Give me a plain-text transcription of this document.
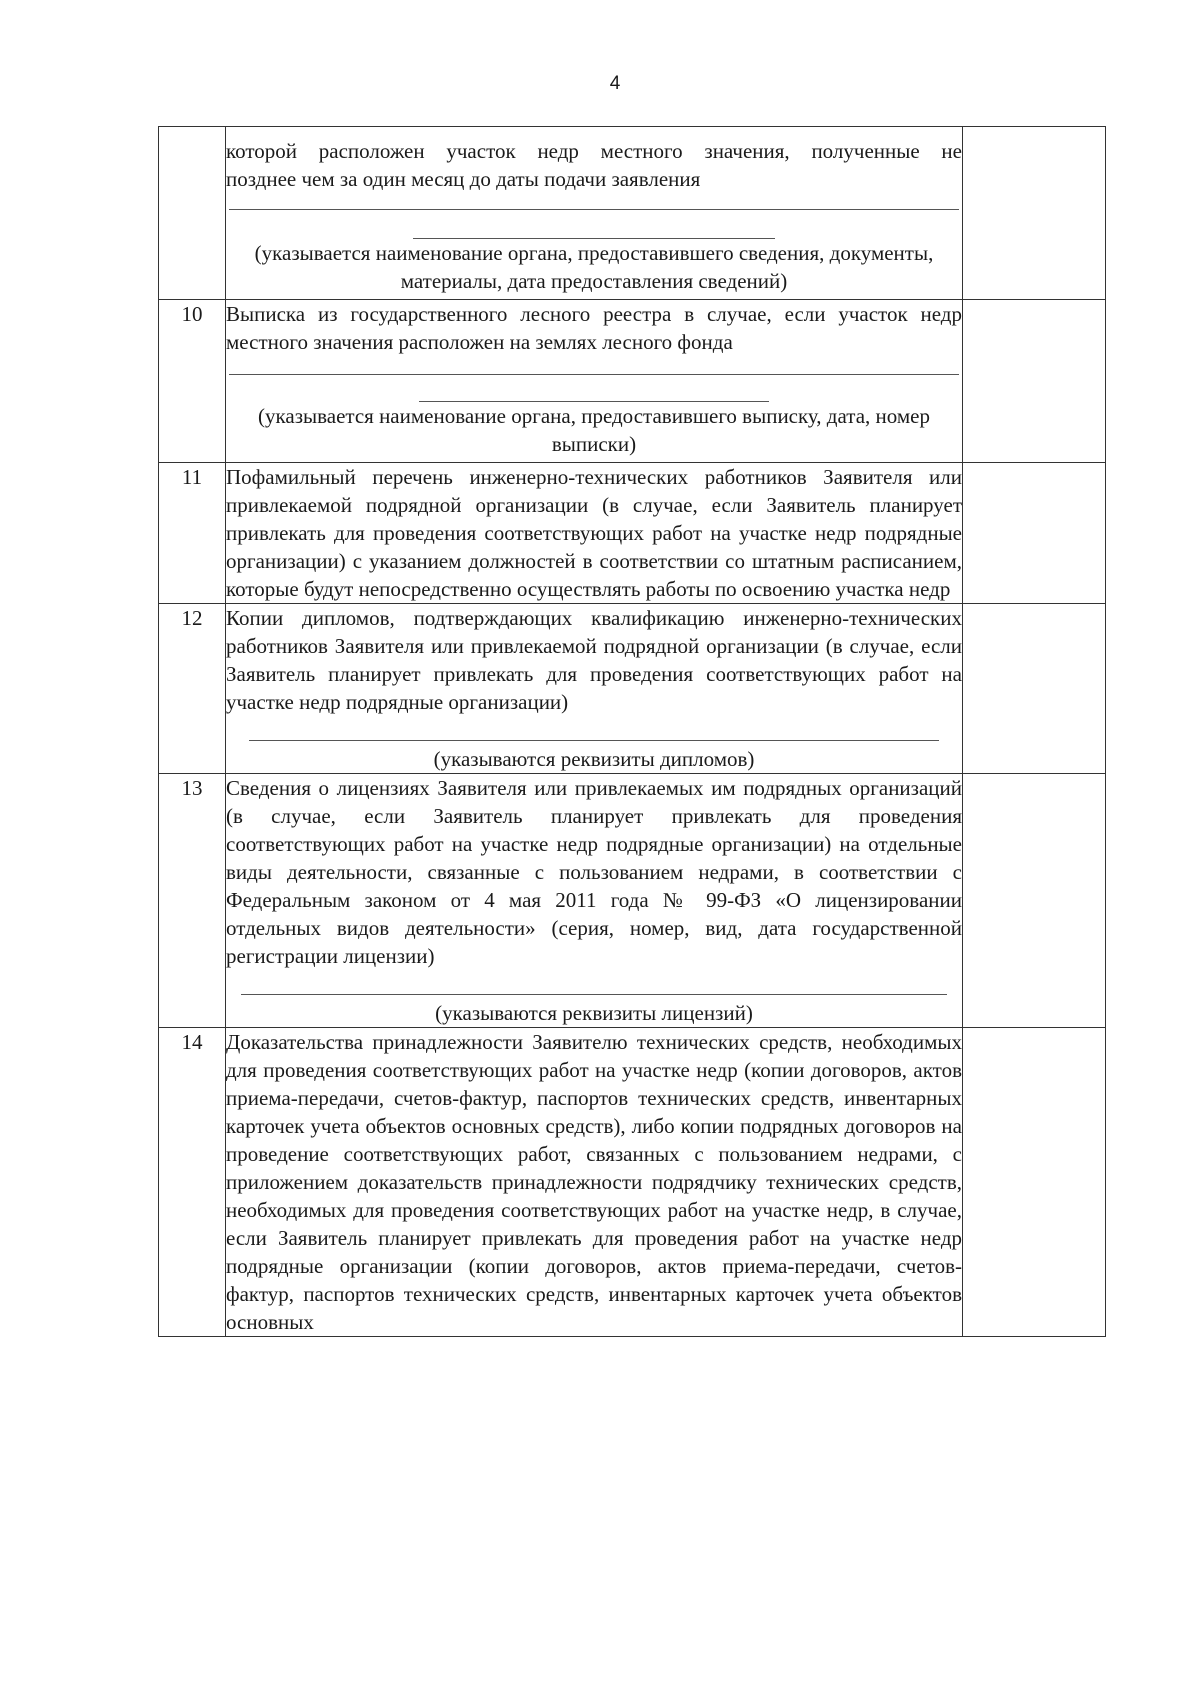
4

	которой расположен участок недр местного значения, полученные не
позднее чем за один месяц до даты подачи заявления
(указывается наименование органа, предоставившего сведения, документы, материалы, дата предоставления сведений)	

10	Выписка из государственного лесного реестра в случае, если участок недр местного значения расположен на землях лесного фонда
(указывается наименование органа, предоставившего выписку, дата, номер выписки)	

11	Пофамильный перечень инженерно-технических работников Заявителя или привлекаемой подрядной организации (в случае, если Заявитель планирует привлекать для проведения соответствующих работ на участке недр подрядные организации) с указанием должностей в соответствии со штатным расписанием, которые будут непосредственно осуществлять работы по освоению участка недр	

12	Копии дипломов, подтверждающих квалификацию инженерно-технических работников Заявителя или привлекаемой подрядной организации (в случае, если Заявитель планирует привлекать для проведения соответствующих работ на участке недр подрядные организации)
(указываются реквизиты дипломов)	

13	Сведения о лицензиях Заявителя или привлекаемых им подрядных организаций (в случае, если Заявитель планирует привлекать для проведения соответствующих работ на участке недр подрядные организации) на отдельные виды деятельности, связанные с пользованием недрами, в соответствии с Федеральным законом от 4 мая 2011 года № 99-ФЗ «О лицензировании отдельных видов деятельности» (серия, номер, вид, дата государственной регистрации лицензии)
(указываются реквизиты лицензий)	

14	Доказательства принадлежности Заявителю технических средств, необходимых для проведения соответствующих работ на участке недр (копии договоров, актов приема-передачи, счетов-фактур, паспортов технических средств, инвентарных карточек учета объектов основных средств), либо копии подрядных договоров на проведение соответствующих работ, связанных с пользованием недрами, с приложением доказательств принадлежности подрядчику технических средств, необходимых для проведения соответствующих работ на участке недр, в случае, если Заявитель планирует привлекать для проведения работ на участке недр подрядные организации (копии договоров, актов приема-передачи, счетов-фактур, паспортов технических средств, инвентарных карточек учета объектов основных	
